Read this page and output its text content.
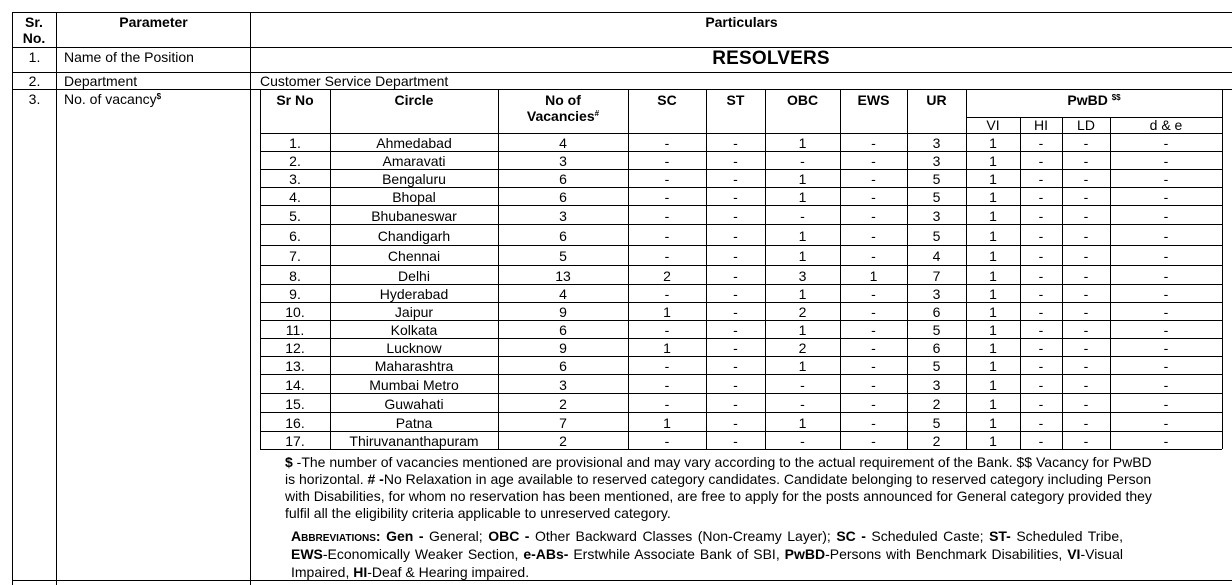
Sr.
No.
Parameter	Particulars
1.	Name of the Position	RESOLVERS
2.	Department	Customer Service Department
3.	No. of vacancy$	Sr No	Circle	No of
Vacancies#
SC	ST	OBC	EWS	UR	PwBD $$
VI	HI	LD	d & e
1.	Ahmedabad	4	-	-	1	-	3	1	-	-	-
2.	Amaravati	3	-	-	-	-	3	1	-	-	-
3.	Bengaluru	6	-	-	1	-	5	1	-	-	-
4.	Bhopal	6	-	-	1	-	5	1	-	-	-
5.	Bhubaneswar	3	-	-	-	-	3	1	-	-	-
6.	Chandigarh	6	-	-	1	-	5	1	-	-	-
7.	Chennai	5	-	-	1	-	4	1	-	-	-
8.	Delhi	13	2	-	3	1	7	1	-	-	-
9.	Hyderabad	4	-	-	1	-	3	1	-	-	-
10.	Jaipur	9	1	-	2	-	6	1	-	-	-
11.	Kolkata	6	-	-	1	-	5	1	-	-	-
12.	Lucknow	9	1	-	2	-	6	1	-	-	-
13.	Maharashtra	6	-	-	1	-	5	1	-	-	-
14.	Mumbai Metro	3	-	-	-	-	3	1	-	-	-
15.	Guwahati	2	-	-	-	-	2	1	-	-	-
16.	Patna	7	1	-	1	-	5	1	-	-	-
17.	Thiruvananthapuram	2	-	-	-	-	2	1	-	-	-
$ -The number of vacancies mentioned are provisional and may vary according to the actual requirement of the Bank. $$ Vacancy for PwBD is horizontal. # -No Relaxation in age available to reserved category candidates. Candidate belonging to reserved category including Person with Disabilities, for whom no reservation has been mentioned, are free to apply for the posts announced for General category provided they fulfil all the eligibility criteria applicable to unreserved category.
Abbreviations: Gen - General; OBC - Other Backward Classes (Non-Creamy Layer); SC - Scheduled Caste; ST- Scheduled Tribe, EWS-Economically Weaker Section, e-ABs- Erstwhile Associate Bank of SBI, PwBD-Persons with Benchmark Disabilities, VI-Visual Impaired, HI-Deaf & Hearing impaired.
